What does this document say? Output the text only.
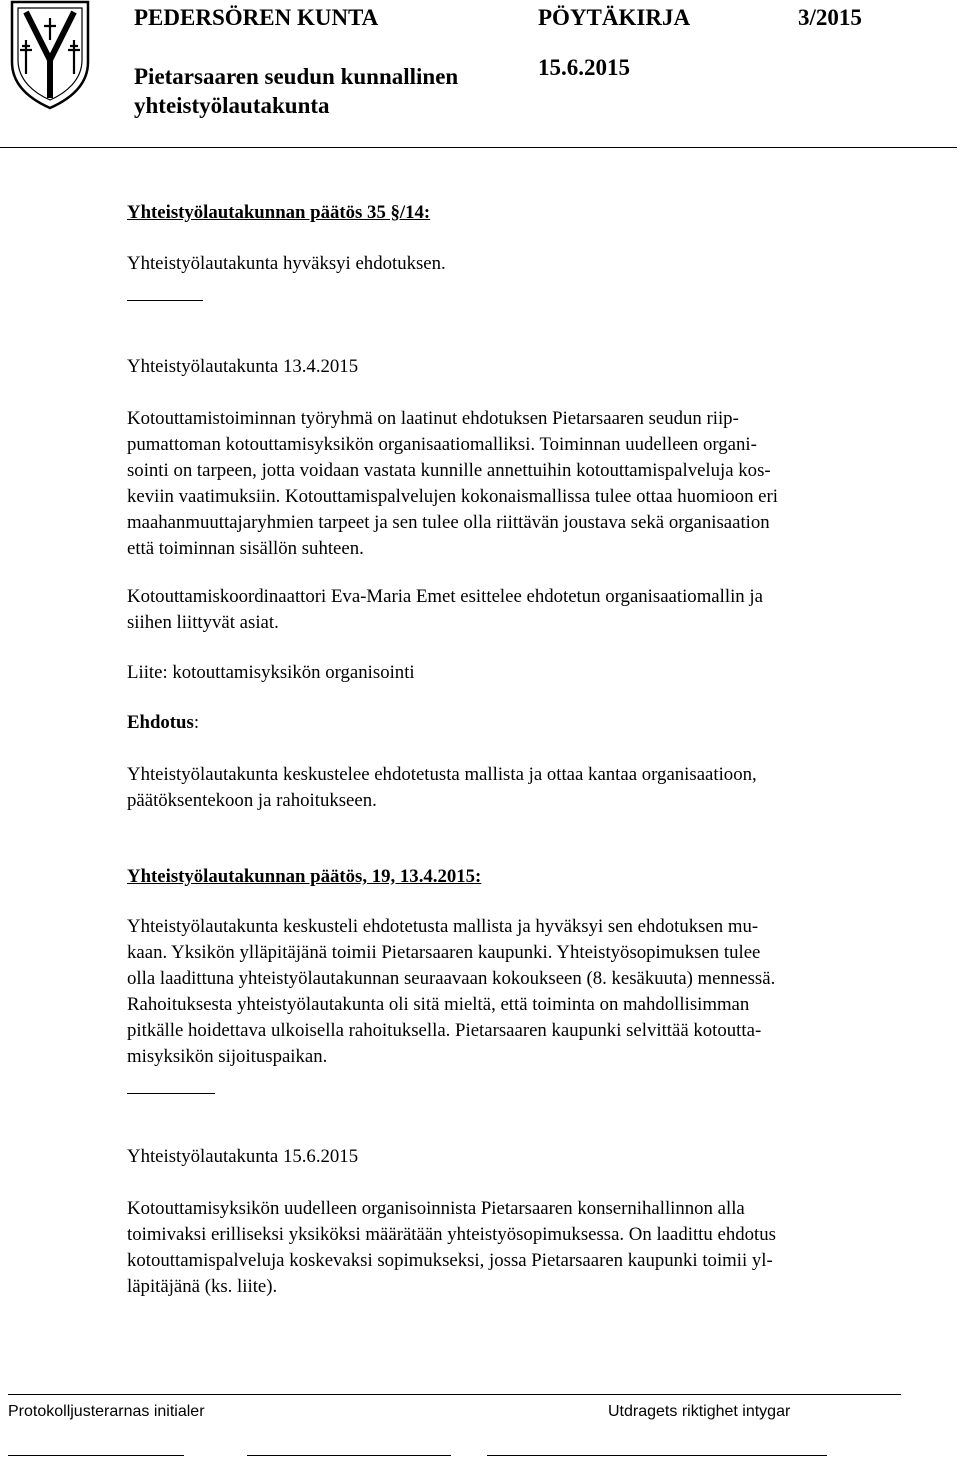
PEDERSÖREN KUNTA
Pietarsaaren seudun kunnallinen
yhteistyölautakunta
PÖYTÄKIRJA	3/2015
15.6.2015
Yhteistyölautakunnan päätös 35 §/14:
Yhteistyölautakunta hyväksyi ehdotuksen.
Yhteistyölautakunta 13.4.2015
Kotouttamistoiminnan työryhmä on laatinut ehdotuksen Pietarsaaren seudun riip-
pumattoman kotouttamisyksikön organisaatiomalliksi. Toiminnan uudelleen organi-
sointi on tarpeen, jotta voidaan vastata kunnille annettuihin kotouttamispalveluja kos-
keviin vaatimuksiin. Kotouttamispalvelujen kokonaismallissa tulee ottaa huomioon eri
maahanmuuttajaryhmien tarpeet ja sen tulee olla riittävän joustava sekä organisaation
että toiminnan sisällön suhteen.
Kotouttamiskoordinaattori Eva-Maria Emet esittelee ehdotetun organisaatiomallin ja
siihen liittyvät asiat.
Liite: kotouttamisyksikön organisointi
Ehdotus:
Yhteistyölautakunta keskustelee ehdotetusta mallista ja ottaa kantaa organisaatioon,
päätöksentekoon ja rahoitukseen.
Yhteistyölautakunnan päätös, 19, 13.4.2015:
Yhteistyölautakunta keskusteli ehdotetusta mallista ja hyväksyi sen ehdotuksen mu-
kaan. Yksikön ylläpitäjänä toimii Pietarsaaren kaupunki. Yhteistyösopimuksen tulee
olla laadittuna yhteistyölautakunnan seuraavaan kokoukseen (8. kesäkuuta) mennessä.
Rahoituksesta yhteistyölautakunta oli sitä mieltä, että toiminta on mahdollisimman
pitkälle hoidettava ulkoisella rahoituksella. Pietarsaaren kaupunki selvittää kotoutta-
misyksikön sijoituspaikan.
Yhteistyölautakunta 15.6.2015
Kotouttamisyksikön uudelleen organisoinnista Pietarsaaren konsernihallinnon alla
toimivaksi erilliseksi yksiköksi määrätään yhteistyösopimuksessa. On laadittu ehdotus
kotouttamispalveluja koskevaksi sopimukseksi, jossa Pietarsaaren kaupunki toimii yl-
läpitäjänä (ks. liite).
Protokolljusterarnas initialer	Utdragets riktighet intygar
